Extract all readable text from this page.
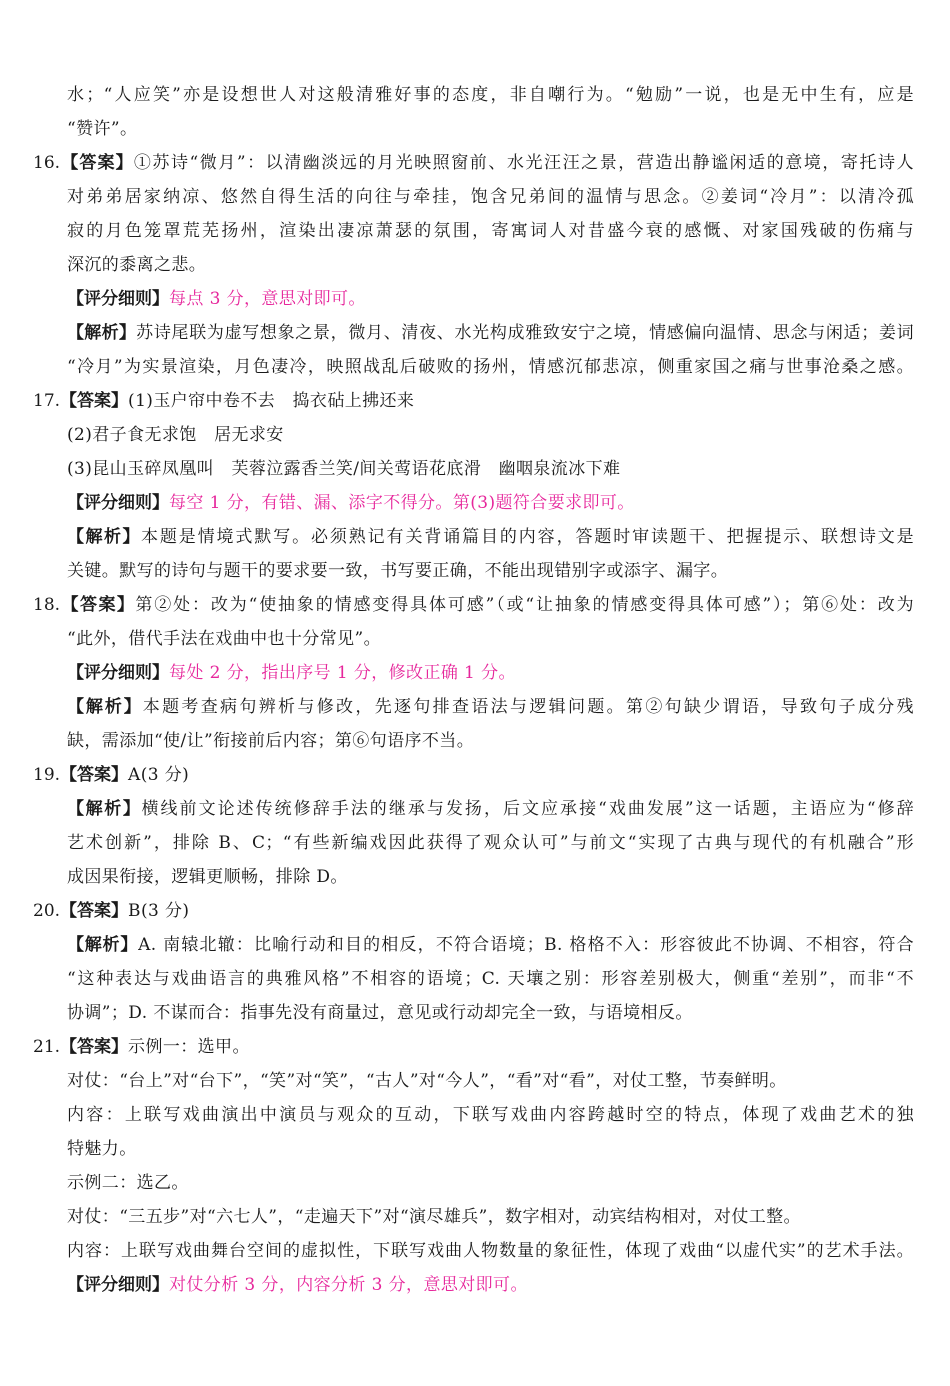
水；“人应笑”亦是设想世人对这般清雅好事的态度，非自嘲行为。“勉励”一说，也是无中生有，应是
“赞许”。
16.【答案】①苏诗“微月”：以清幽淡远的月光映照窗前、水光汪汪之景，营造出静谧闲适的意境，寄托诗人
对弟弟居家纳凉、悠然自得生活的向往与牵挂，饱含兄弟间的温情与思念。②姜词“冷月”：以清冷孤
寂的月色笼罩荒芜扬州，渲染出凄凉萧瑟的氛围，寄寓词人对昔盛今衰的感慨、对家国残破的伤痛与
深沉的黍离之悲。
【评分细则】每点 3 分，意思对即可。
【解析】苏诗尾联为虚写想象之景，微月、清夜、水光构成雅致安宁之境，情感偏向温情、思念与闲适；姜词
“冷月”为实景渲染，月色凄冷，映照战乱后破败的扬州，情感沉郁悲凉，侧重家国之痛与世事沧桑之感。
17.【答案】(1)玉户帘中卷不去　捣衣砧上拂还来
(2)君子食无求饱　居无求安
(3)昆山玉碎凤凰叫　芙蓉泣露香兰笑/间关莺语花底滑　幽咽泉流冰下难
【评分细则】每空 1 分，有错、漏、添字不得分。第(3)题符合要求即可。
【解析】本题是情境式默写。必须熟记有关背诵篇目的内容，答题时审读题干、把握提示、联想诗文是
关键。默写的诗句与题干的要求要一致，书写要正确，不能出现错别字或添字、漏字。
18.【答案】第②处：改为“使抽象的情感变得具体可感”（或“让抽象的情感变得具体可感”）；第⑥处：改为
“此外，借代手法在戏曲中也十分常见”。
【评分细则】每处 2 分，指出序号 1 分，修改正确 1 分。
【解析】本题考查病句辨析与修改，先逐句排查语法与逻辑问题。第②句缺少谓语，导致句子成分残
缺，需添加“使/让”衔接前后内容；第⑥句语序不当。
19.【答案】A(3 分)
【解析】横线前文论述传统修辞手法的继承与发扬，后文应承接“戏曲发展”这一话题，主语应为“修辞
艺术创新”，排除 B、C；“有些新编戏因此获得了观众认可”与前文“实现了古典与现代的有机融合”形
成因果衔接，逻辑更顺畅，排除 D。
20.【答案】B(3 分)
【解析】A. 南辕北辙：比喻行动和目的相反，不符合语境；B. 格格不入：形容彼此不协调、不相容，符合
“这种表达与戏曲语言的典雅风格”不相容的语境；C. 天壤之别：形容差别极大，侧重“差别”，而非“不
协调”；D. 不谋而合：指事先没有商量过，意见或行动却完全一致，与语境相反。
21.【答案】示例一：选甲。
对仗：“台上”对“台下”，“笑”对“笑”，“古人”对“今人”，“看”对“看”，对仗工整，节奏鲜明。
内容：上联写戏曲演出中演员与观众的互动，下联写戏曲内容跨越时空的特点，体现了戏曲艺术的独
特魅力。
示例二：选乙。
对仗：“三五步”对“六七人”，“走遍天下”对“演尽雄兵”，数字相对，动宾结构相对，对仗工整。
内容：上联写戏曲舞台空间的虚拟性，下联写戏曲人物数量的象征性，体现了戏曲“以虚代实”的艺术手法。
【评分细则】对仗分析 3 分，内容分析 3 分，意思对即可。
